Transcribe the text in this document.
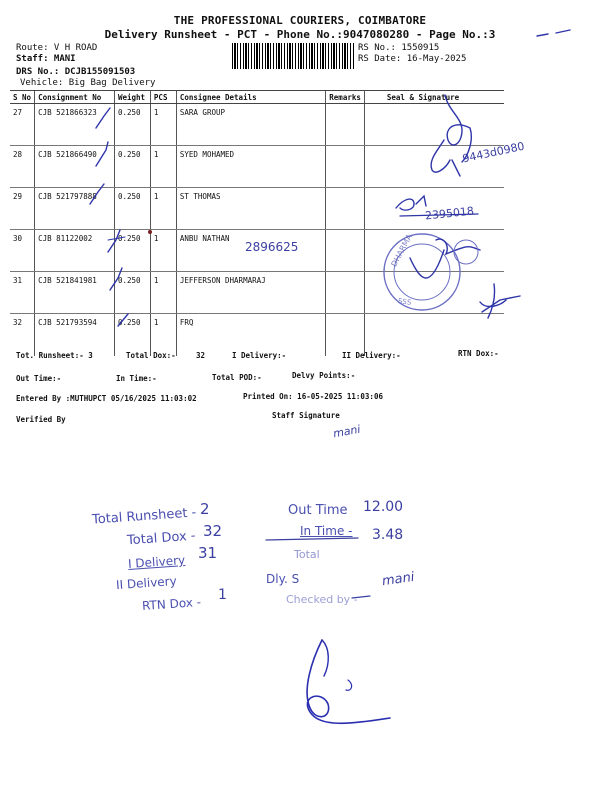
THE PROFESSIONAL COURIERS, COIMBATORE
Delivery Runsheet - PCT - Phone No.:9047080280 - Page No.:3
Route: V H ROAD
Staff: MANI
DRS No.: DCJB155091503
Vehicle: Big Bag Delivery
RS No.: 1550915
RS Date: 16-May-2025
S No	Consignment No	Weight	PCS	Consignee Details	Remarks	Seal & Signature
27	CJB 521866323	0.250	1	SARA GROUP		
28	CJB 521866490	0.250	1	SYED MOHAMED		
29	CJB 521797888	0.250	1	ST THOMAS		
30	CJB 81122002	0.250	1	ANBU NATHAN		
31	CJB 521841981	0.250	1	JEFFERSON DHARMARAJ		
32	CJB 521793594	0.250	1	FRQ		
Tot. Runsheet:- 3	Total Dox:-	32	I Delivery:-	II Delivery:-	RTN Dox:-
Out Time:-	In Time:-	Total POD:-	Delvy Points:-
Entered By :MUTHUPCT 05/16/2025 11:03:02	Printed On: 16-05-2025 11:03:06
Verified By	Staff Signature
9443d0980
2395018
2896625
mani
Total Runsheet - 2
Total Dox - 32
I Delivery 31
II Delivery
RTN Dox - 1
Out Time 12.00
In Time - 3.48
Total
Dly. S
Checked by -
mani
DHARMA
SSS
